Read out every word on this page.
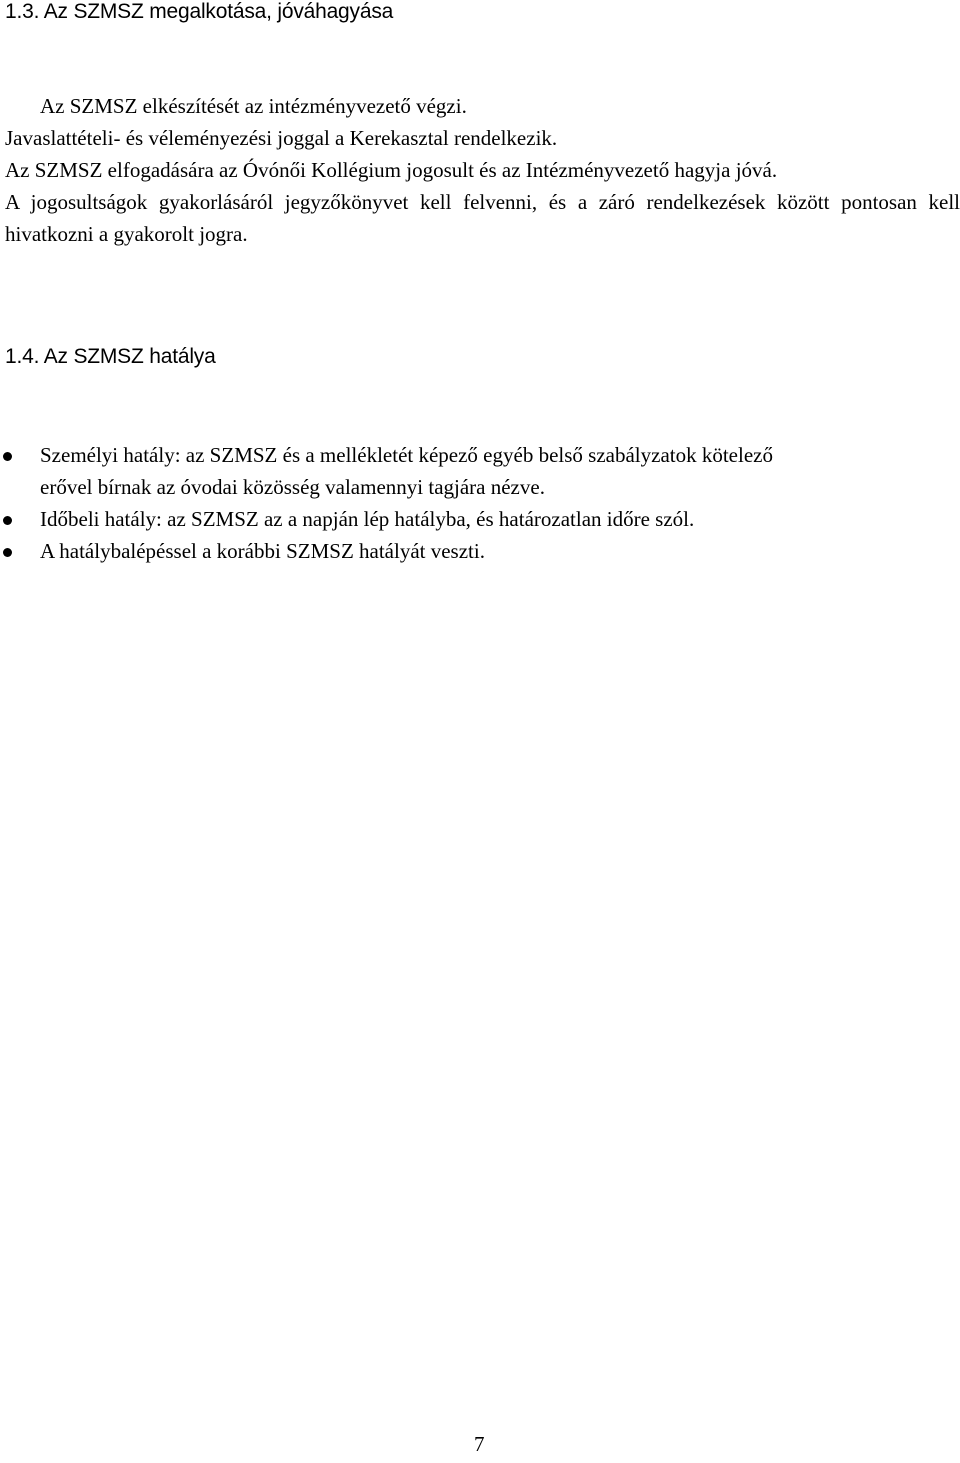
1.3. Az SZMSZ megalkotása, jóváhagyása

Az SZMSZ elkészítését az intézményvezető végzi.

Javaslattételi- és véleményezési joggal a Kerekasztal rendelkezik.

Az SZMSZ elfogadására az Óvónői Kollégium jogosult és az Intézményvezető hagyja jóvá.

A jogosultságok gyakorlásáról jegyzőkönyvet kell felvenni, és a záró rendelkezések között pontosan kell hivatkozni a gyakorolt jogra.

1.4. Az SZMSZ hatálya
Személyi hatály: az SZMSZ és a mellékletét képező egyéb belső szabályzatok kötelező erővel bírnak az óvodai közösség valamennyi tagjára nézve.
Időbeli hatály: az SZMSZ az a napján lép hatályba, és határozatlan időre szól.
A hatálybalépéssel a korábbi SZMSZ hatályát veszti.
7
